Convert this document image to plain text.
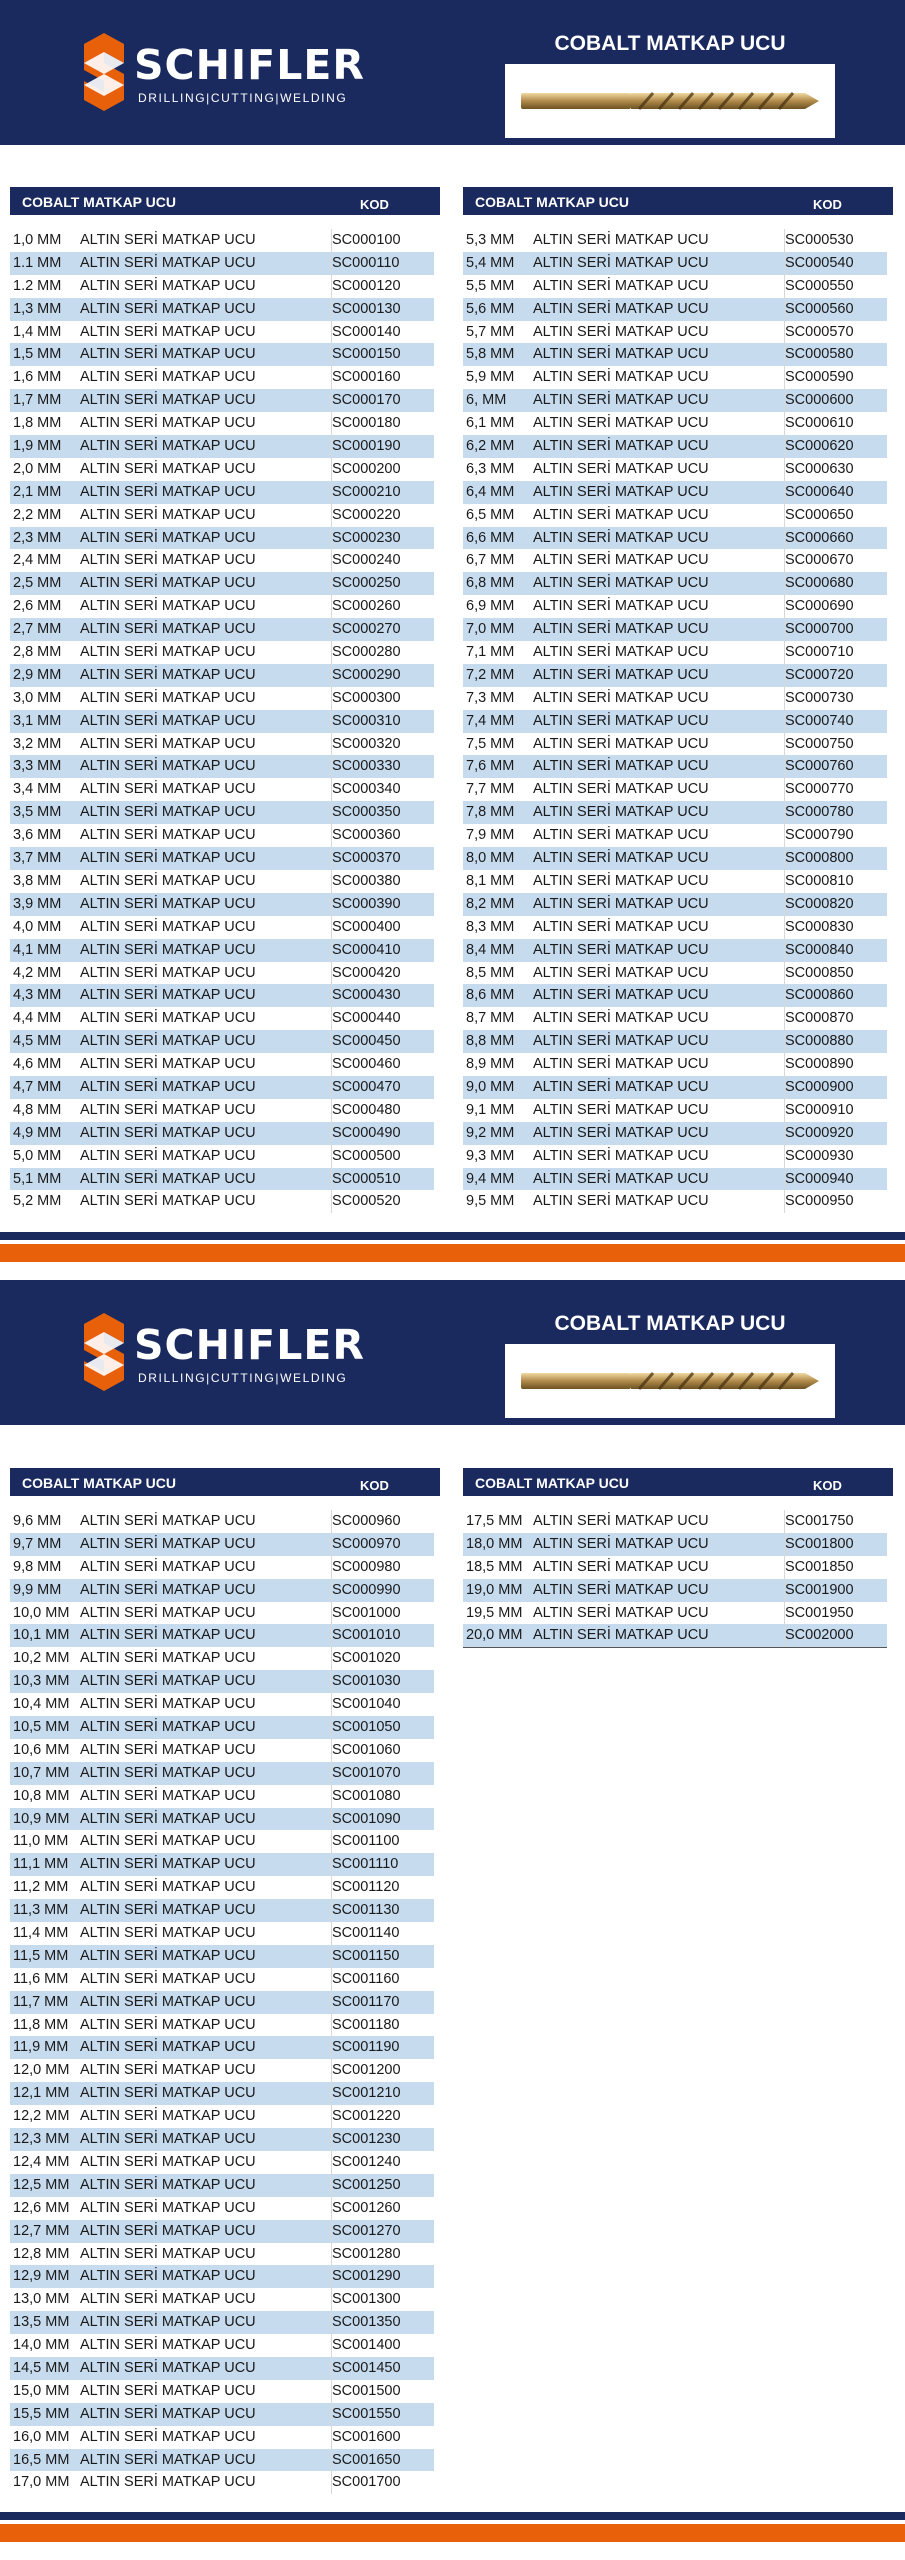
SCHIFLER
DRILLING|CUTTING|WELDING
COBALT MATKAP UCU
COBALT MATKAP UCU	KOD
1,0 MM	ALTIN SERİ MATKAP UCU	SC000100
1.1 MM	ALTIN SERİ MATKAP UCU	SC000110
1.2 MM	ALTIN SERİ MATKAP UCU	SC000120
1,3 MM	ALTIN SERİ MATKAP UCU	SC000130
1,4 MM	ALTIN SERİ MATKAP UCU	SC000140
1,5 MM	ALTIN SERİ MATKAP UCU	SC000150
1,6 MM	ALTIN SERİ MATKAP UCU	SC000160
1,7 MM	ALTIN SERİ MATKAP UCU	SC000170
1,8 MM	ALTIN SERİ MATKAP UCU	SC000180
1,9 MM	ALTIN SERİ MATKAP UCU	SC000190
2,0 MM	ALTIN SERİ MATKAP UCU	SC000200
2,1 MM	ALTIN SERİ MATKAP UCU	SC000210
2,2 MM	ALTIN SERİ MATKAP UCU	SC000220
2,3 MM	ALTIN SERİ MATKAP UCU	SC000230
2,4 MM	ALTIN SERİ MATKAP UCU	SC000240
2,5 MM	ALTIN SERİ MATKAP UCU	SC000250
2,6 MM	ALTIN SERİ MATKAP UCU	SC000260
2,7 MM	ALTIN SERİ MATKAP UCU	SC000270
2,8 MM	ALTIN SERİ MATKAP UCU	SC000280
2,9 MM	ALTIN SERİ MATKAP UCU	SC000290
3,0 MM	ALTIN SERİ MATKAP UCU	SC000300
3,1 MM	ALTIN SERİ MATKAP UCU	SC000310
3,2 MM	ALTIN SERİ MATKAP UCU	SC000320
3,3 MM	ALTIN SERİ MATKAP UCU	SC000330
3,4 MM	ALTIN SERİ MATKAP UCU	SC000340
3,5 MM	ALTIN SERİ MATKAP UCU	SC000350
3,6 MM	ALTIN SERİ MATKAP UCU	SC000360
3,7 MM	ALTIN SERİ MATKAP UCU	SC000370
3,8 MM	ALTIN SERİ MATKAP UCU	SC000380
3,9 MM	ALTIN SERİ MATKAP UCU	SC000390
4,0 MM	ALTIN SERİ MATKAP UCU	SC000400
4,1 MM	ALTIN SERİ MATKAP UCU	SC000410
4,2 MM	ALTIN SERİ MATKAP UCU	SC000420
4,3 MM	ALTIN SERİ MATKAP UCU	SC000430
4,4 MM	ALTIN SERİ MATKAP UCU	SC000440
4,5 MM	ALTIN SERİ MATKAP UCU	SC000450
4,6 MM	ALTIN SERİ MATKAP UCU	SC000460
4,7 MM	ALTIN SERİ MATKAP UCU	SC000470
4,8 MM	ALTIN SERİ MATKAP UCU	SC000480
4,9 MM	ALTIN SERİ MATKAP UCU	SC000490
5,0 MM	ALTIN SERİ MATKAP UCU	SC000500
5,1 MM	ALTIN SERİ MATKAP UCU	SC000510
5,2 MM	ALTIN SERİ MATKAP UCU	SC000520
COBALT MATKAP UCU	KOD
5,3 MM	ALTIN SERİ MATKAP UCU	SC000530
5,4 MM	ALTIN SERİ MATKAP UCU	SC000540
5,5 MM	ALTIN SERİ MATKAP UCU	SC000550
5,6 MM	ALTIN SERİ MATKAP UCU	SC000560
5,7 MM	ALTIN SERİ MATKAP UCU	SC000570
5,8 MM	ALTIN SERİ MATKAP UCU	SC000580
5,9 MM	ALTIN SERİ MATKAP UCU	SC000590
6, MM	ALTIN SERİ MATKAP UCU	SC000600
6,1 MM	ALTIN SERİ MATKAP UCU	SC000610
6,2 MM	ALTIN SERİ MATKAP UCU	SC000620
6,3 MM	ALTIN SERİ MATKAP UCU	SC000630
6,4 MM	ALTIN SERİ MATKAP UCU	SC000640
6,5 MM	ALTIN SERİ MATKAP UCU	SC000650
6,6 MM	ALTIN SERİ MATKAP UCU	SC000660
6,7 MM	ALTIN SERİ MATKAP UCU	SC000670
6,8 MM	ALTIN SERİ MATKAP UCU	SC000680
6,9 MM	ALTIN SERİ MATKAP UCU	SC000690
7,0 MM	ALTIN SERİ MATKAP UCU	SC000700
7,1 MM	ALTIN SERİ MATKAP UCU	SC000710
7,2 MM	ALTIN SERİ MATKAP UCU	SC000720
7,3 MM	ALTIN SERİ MATKAP UCU	SC000730
7,4 MM	ALTIN SERİ MATKAP UCU	SC000740
7,5 MM	ALTIN SERİ MATKAP UCU	SC000750
7,6 MM	ALTIN SERİ MATKAP UCU	SC000760
7,7 MM	ALTIN SERİ MATKAP UCU	SC000770
7,8 MM	ALTIN SERİ MATKAP UCU	SC000780
7,9 MM	ALTIN SERİ MATKAP UCU	SC000790
8,0 MM	ALTIN SERİ MATKAP UCU	SC000800
8,1 MM	ALTIN SERİ MATKAP UCU	SC000810
8,2 MM	ALTIN SERİ MATKAP UCU	SC000820
8,3 MM	ALTIN SERİ MATKAP UCU	SC000830
8,4 MM	ALTIN SERİ MATKAP UCU	SC000840
8,5 MM	ALTIN SERİ MATKAP UCU	SC000850
8,6 MM	ALTIN SERİ MATKAP UCU	SC000860
8,7 MM	ALTIN SERİ MATKAP UCU	SC000870
8,8 MM	ALTIN SERİ MATKAP UCU	SC000880
8,9 MM	ALTIN SERİ MATKAP UCU	SC000890
9,0 MM	ALTIN SERİ MATKAP UCU	SC000900
9,1 MM	ALTIN SERİ MATKAP UCU	SC000910
9,2 MM	ALTIN SERİ MATKAP UCU	SC000920
9,3 MM	ALTIN SERİ MATKAP UCU	SC000930
9,4 MM	ALTIN SERİ MATKAP UCU	SC000940
9,5 MM	ALTIN SERİ MATKAP UCU	SC000950
SCHIFLER
DRILLING|CUTTING|WELDING
COBALT MATKAP UCU
COBALT MATKAP UCU	KOD
9,6 MM	ALTIN SERİ MATKAP UCU	SC000960
9,7 MM	ALTIN SERİ MATKAP UCU	SC000970
9,8 MM	ALTIN SERİ MATKAP UCU	SC000980
9,9 MM	ALTIN SERİ MATKAP UCU	SC000990
10,0 MM ALTIN SERİ MATKAP UCU	SC001000
10,1 MM ALTIN SERİ MATKAP UCU	SC001010
10,2 MM ALTIN SERİ MATKAP UCU	SC001020
10,3 MM ALTIN SERİ MATKAP UCU	SC001030
10,4 MM ALTIN SERİ MATKAP UCU	SC001040
10,5 MM ALTIN SERİ MATKAP UCU	SC001050
10,6 MM ALTIN SERİ MATKAP UCU	SC001060
10,7 MM ALTIN SERİ MATKAP UCU	SC001070
10,8 MM ALTIN SERİ MATKAP UCU	SC001080
10,9 MM ALTIN SERİ MATKAP UCU	SC001090
11,0 MM ALTIN SERİ MATKAP UCU	SC001100
11,1 MM ALTIN SERİ MATKAP UCU	SC001110
11,2 MM ALTIN SERİ MATKAP UCU	SC001120
11,3 MM ALTIN SERİ MATKAP UCU	SC001130
11,4 MM ALTIN SERİ MATKAP UCU	SC001140
11,5 MM ALTIN SERİ MATKAP UCU	SC001150
11,6 MM ALTIN SERİ MATKAP UCU	SC001160
11,7 MM ALTIN SERİ MATKAP UCU	SC001170
11,8 MM ALTIN SERİ MATKAP UCU	SC001180
11,9 MM ALTIN SERİ MATKAP UCU	SC001190
12,0 MM ALTIN SERİ MATKAP UCU	SC001200
12,1 MM ALTIN SERİ MATKAP UCU	SC001210
12,2 MM ALTIN SERİ MATKAP UCU	SC001220
12,3 MM ALTIN SERİ MATKAP UCU	SC001230
12,4 MM ALTIN SERİ MATKAP UCU	SC001240
12,5 MM ALTIN SERİ MATKAP UCU	SC001250
12,6 MM ALTIN SERİ MATKAP UCU	SC001260
12,7 MM ALTIN SERİ MATKAP UCU	SC001270
12,8 MM ALTIN SERİ MATKAP UCU	SC001280
12,9 MM ALTIN SERİ MATKAP UCU	SC001290
13,0 MM ALTIN SERİ MATKAP UCU	SC001300
13,5 MM ALTIN SERİ MATKAP UCU	SC001350
14,0 MM ALTIN SERİ MATKAP UCU	SC001400
14,5 MM ALTIN SERİ MATKAP UCU	SC001450
15,0 MM ALTIN SERİ MATKAP UCU	SC001500
15,5 MM ALTIN SERİ MATKAP UCU	SC001550
16,0 MM ALTIN SERİ MATKAP UCU	SC001600
16,5 MM ALTIN SERİ MATKAP UCU	SC001650
17,0 MM ALTIN SERİ MATKAP UCU	SC001700
COBALT MATKAP UCU	KOD
17,5 MM ALTIN SERİ MATKAP UCU	SC001750
18,0 MM ALTIN SERİ MATKAP UCU	SC001800
18,5 MM ALTIN SERİ MATKAP UCU	SC001850
19,0 MM ALTIN SERİ MATKAP UCU	SC001900
19,5 MM ALTIN SERİ MATKAP UCU	SC001950
20,0 MM ALTIN SERİ MATKAP UCU	SC002000
